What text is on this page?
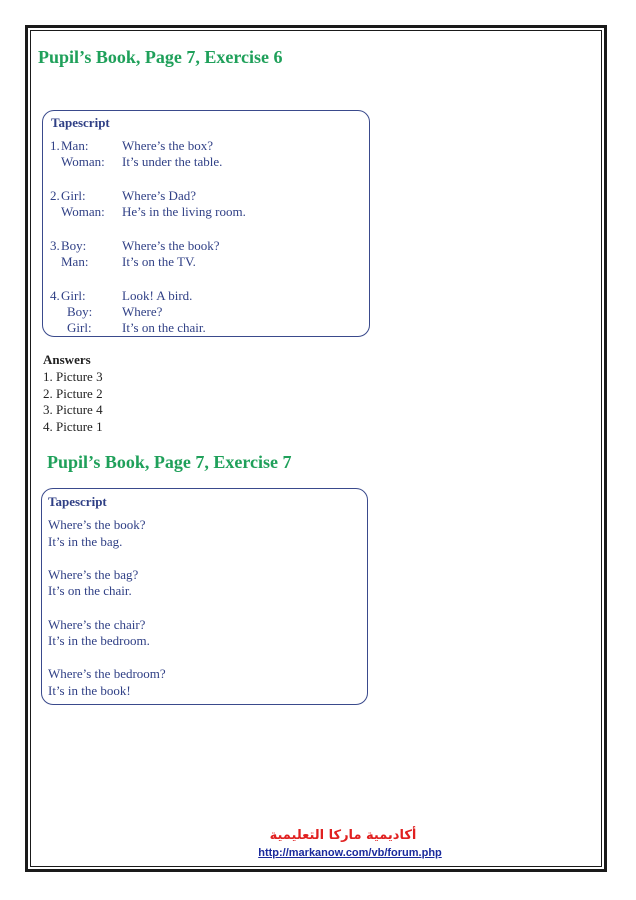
Pupil’s Book, Page 7, Exercise 6
Tapescript
1. Man:	Where’s the box?
Woman: It’s under the table.
2. Girl:	Where’s Dad?
Woman: He’s in the living room.
3. Boy:	Where’s the book?
Man:	It’s on the TV.
4. Girl:	Look! A bird.
Boy: Where?
Girl: It’s on the chair.
Answers
1. Picture 3
2. Picture 2
3. Picture 4
4. Picture 1
Pupil’s Book, Page 7, Exercise 7
Tapescript
Where’s the book?
It’s in the bag.
Where’s the bag?
It’s on the chair.
Where’s the chair?
It’s in the bedroom.
Where’s the bedroom?
It’s in the book!
أكاديمية ماركا التعليمية
http://markanow.com/vb/forum.php
